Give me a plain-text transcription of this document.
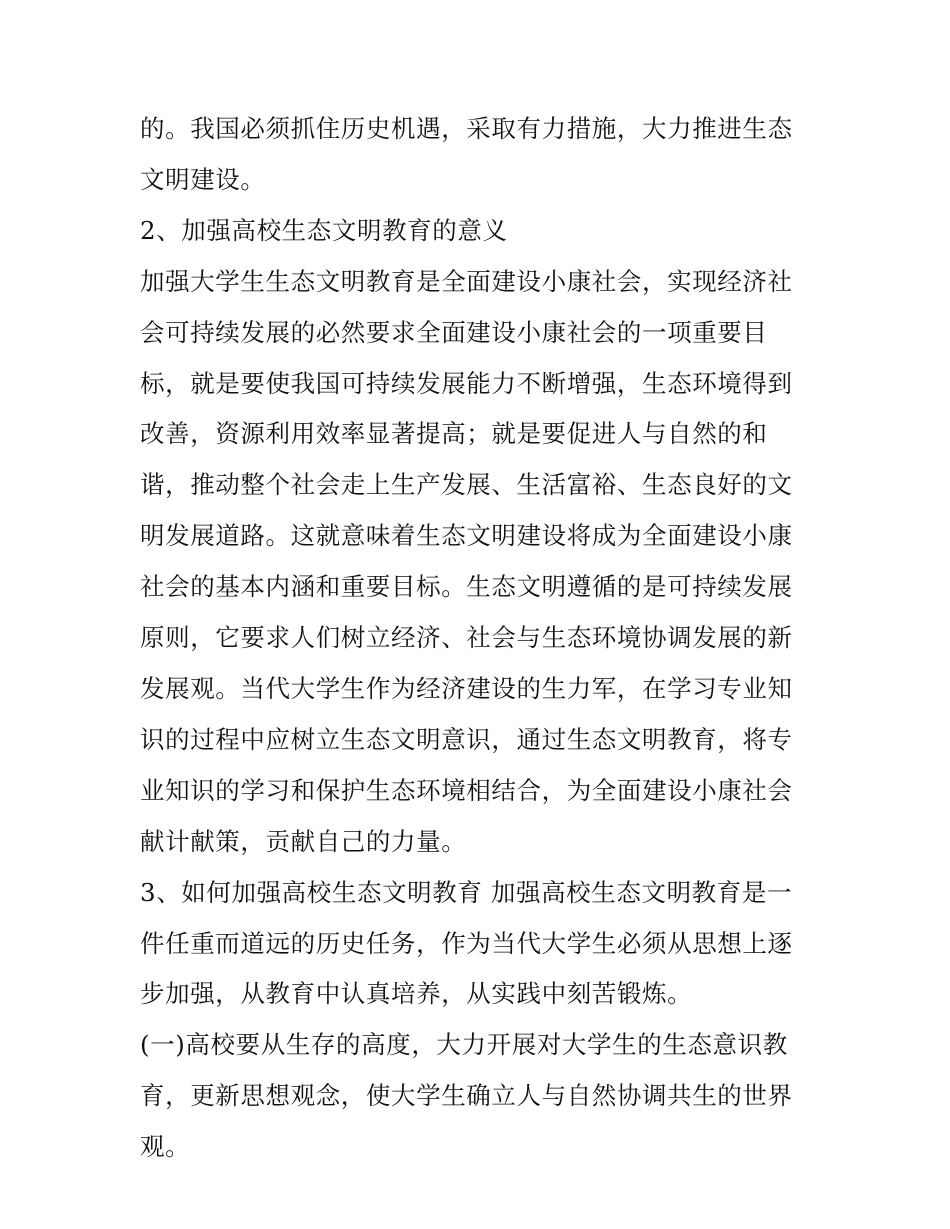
的。我国必须抓住历史机遇，采取有力措施，大力推进生态文明建设。

2、加强高校生态文明教育的意义

加强大学生生态文明教育是全面建设小康社会，实现经济社会可持续发展的必然要求全面建设小康社会的一项重要目标，就是要使我国可持续发展能力不断增强，生态环境得到改善，资源利用效率显著提高；就是要促进人与自然的和谐，推动整个社会走上生产发展、生活富裕、生态良好的文明发展道路。这就意味着生态文明建设将成为全面建设小康社会的基本内涵和重要目标。生态文明遵循的是可持续发展原则，它要求人们树立经济、社会与生态环境协调发展的新发展观。当代大学生作为经济建设的生力军，在学习专业知识的过程中应树立生态文明意识，通过生态文明教育，将专业知识的学习和保护生态环境相结合，为全面建设小康社会献计献策，贡献自己的力量。

3、如何加强高校生态文明教育 加强高校生态文明教育是一件任重而道远的历史任务，作为当代大学生必须从思想上逐步加强，从教育中认真培养，从实践中刻苦锻炼。

(一)高校要从生存的高度，大力开展对大学生的生态意识教育，更新思想观念，使大学生确立人与自然协调共生的世界观。
